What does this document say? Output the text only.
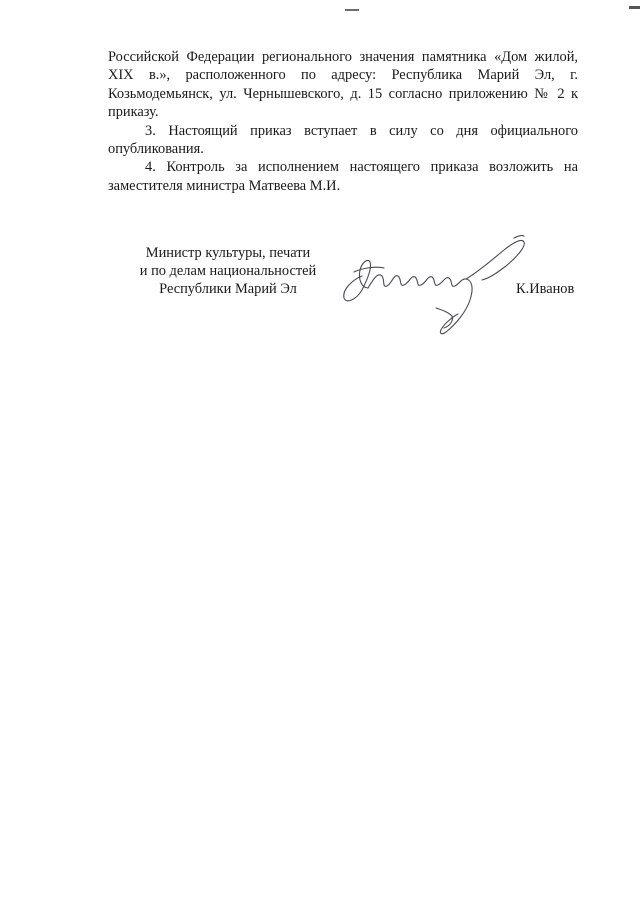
Российской Федерации регионального значения памятника «Дом жилой, XIX в.», расположенного по адресу: Республика Марий Эл, г. Козьмодемьянск, ул. Чернышевского, д. 15 согласно приложению № 2 к приказу.

3. Настоящий приказ вступает в силу со дня официального опубликования.

4. Контроль за исполнением настоящего приказа возложить на заместителя министра Матвеева М.И.

Министр культуры, печати
и по делам национальностей
Республики Марий Эл	К.Иванов
